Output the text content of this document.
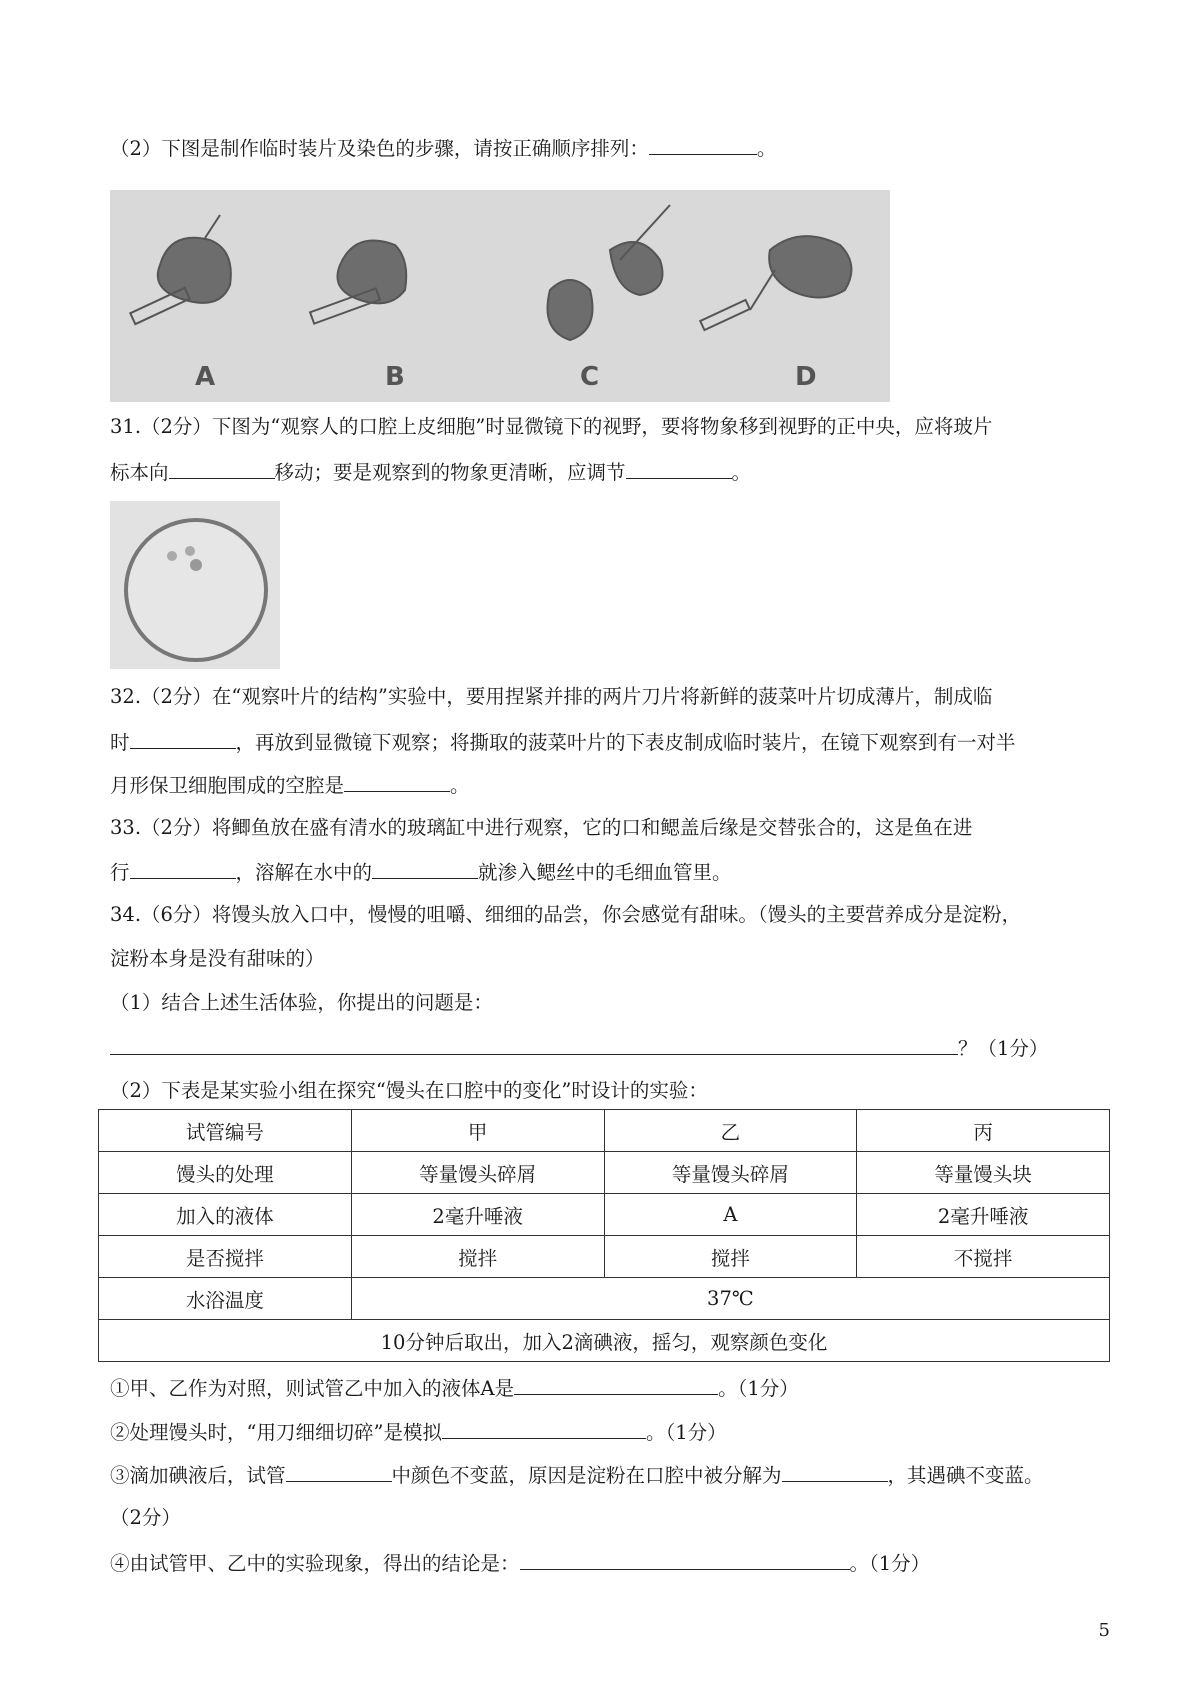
（2）下图是制作临时装片及染色的步骤，请按正确顺序排列：	。
A	B	C	D
31.（2分）下图为“观察人的口腔上皮细胞”时显微镜下的视野，要将物象移到视野的正中央，应将玻片
标本向	移动；要是观察到的物象更清晰，应调节	。
32.（2分）在“观察叶片的结构”实验中，要用捏紧并排的两片刀片将新鲜的菠菜叶片切成薄片，制成临
时	，再放到显微镜下观察；将撕取的菠菜叶片的下表皮制成临时装片，在镜下观察到有一对半
月形保卫细胞围成的空腔是	。
33.（2分）将鲫鱼放在盛有清水的玻璃缸中进行观察，它的口和鳃盖后缘是交替张合的，这是鱼在进
行	，溶解在水中的	就渗入鳃丝中的毛细血管里。
34.（6分）将馒头放入口中，慢慢的咀嚼、细细的品尝，你会感觉有甜味。（馒头的主要营养成分是淀粉，
淀粉本身是没有甜味的）
（1）结合上述生活体验，你提出的问题是：
？（1分）
（2）下表是某实验小组在探究“馒头在口腔中的变化”时设计的实验：
试管编号	甲	乙	丙
馒头的处理	等量馒头碎屑	等量馒头碎屑	等量馒头块
加入的液体	2毫升唾液	A	2毫升唾液
是否搅拌	搅拌	搅拌	不搅拌
水浴温度	37℃		
10分钟后取出，加入2滴碘液，摇匀，观察颜色变化			
①甲、乙作为对照，则试管乙中加入的液体A是	。（1分）
②处理馒头时，“用刀细细切碎”是模拟	。（1分）
③滴加碘液后，试管	中颜色不变蓝，原因是淀粉在口腔中被分解为	，其遇碘不变蓝。
（2分）
④由试管甲、乙中的实验现象，得出的结论是：	。（1分）
5
